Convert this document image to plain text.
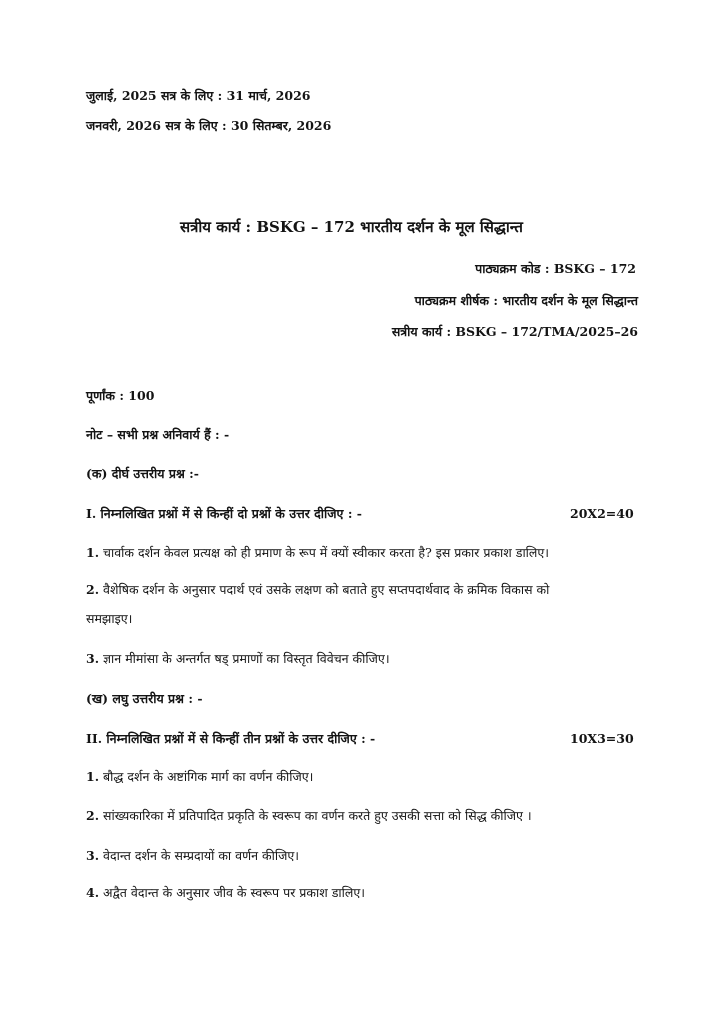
जुलाई, 2025 सत्र के लिए : 31 मार्च, 2026
जनवरी, 2026 सत्र के लिए : 30 सितम्बर, 2026
सत्रीय कार्य : BSKG – 172 भारतीय दर्शन के मूल सिद्धान्त
पाठ्यक्रम कोड : BSKG – 172
पाठ्यक्रम शीर्षक : भारतीय दर्शन के मूल सिद्धान्त
सत्रीय कार्य : BSKG – 172/TMA/2025–26
पूर्णांक : 100
नोट – सभी प्रश्न अनिवार्य हैं : -
(क) दीर्घ उत्तरीय प्रश्न :-
I. निम्नलिखित प्रश्नों में से किन्हीं दो प्रश्नों के उत्तर दीजिए : -	20X2=40
1. चार्वाक दर्शन केवल प्रत्यक्ष को ही प्रमाण के रूप में क्यों स्वीकार करता है? इस प्रकार प्रकाश डालिए।
2. वैशेषिक दर्शन के अनुसार पदार्थ एवं उसके लक्षण को बताते हुए सप्तपदार्थवाद के क्रमिक विकास को
समझाइए।
3. ज्ञान मीमांसा के अन्तर्गत षड् प्रमाणों का विस्तृत विवेचन कीजिए।
(ख) लघु उत्तरीय प्रश्न : -
II. निम्नलिखित प्रश्नों में से किन्हीं तीन प्रश्नों के उत्तर दीजिए : -	10X3=30
1. बौद्ध दर्शन के अष्टांगिक मार्ग का वर्णन कीजिए।
2. सांख्यकारिका में प्रतिपादित प्रकृति के स्वरूप का वर्णन करते हुए उसकी सत्ता को सिद्ध कीजिए ।
3. वेदान्त दर्शन के सम्प्रदायों का वर्णन कीजिए।
4. अद्वैत वेदान्त के अनुसार जीव के स्वरूप पर प्रकाश डालिए।
